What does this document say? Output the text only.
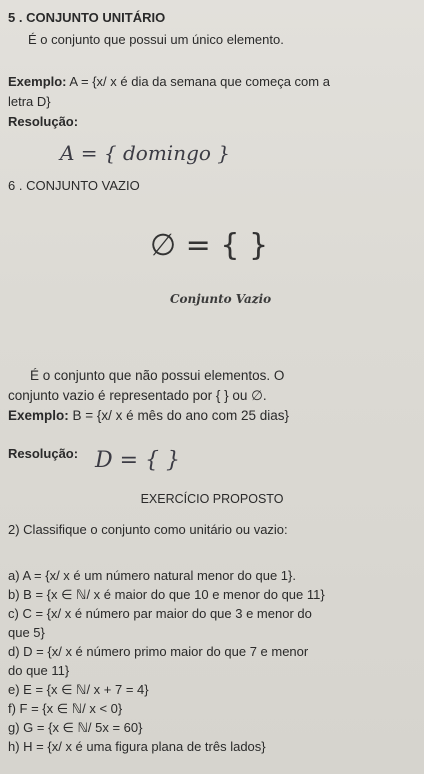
5 . CONJUNTO UNITÁRIO
É o conjunto que possui um único elemento.
Exemplo: A = {x/ x é dia da semana que começa com a
letra D}
Resolução:
A = { domingo }
6 . CONJUNTO VAZIO
∅ = { }
Conjunto Vazio
É o conjunto que não possui elementos. O
conjunto vazio é representado por { } ou ∅.
Exemplo: B = {x/ x é mês do ano com 25 dias}
Resolução: D = { }
EXERCÍCIO PROPOSTO
2) Classifique o conjunto como unitário ou vazio:
a) A = {x/ x é um número natural menor do que 1}.
b) B = {x ∈ ℕ/ x é maior do que 10 e menor do que 11}
c) C = {x/ x é número par maior do que 3 e menor do
que 5}
d) D = {x/ x é número primo maior do que 7 e menor
do que 11}
e) E = {x ∈ ℕ/ x + 7 = 4}
f) F = {x ∈ ℕ/ x < 0}
g) G = {x ∈ ℕ/ 5x = 60}
h) H = {x/ x é uma figura plana de três lados}
